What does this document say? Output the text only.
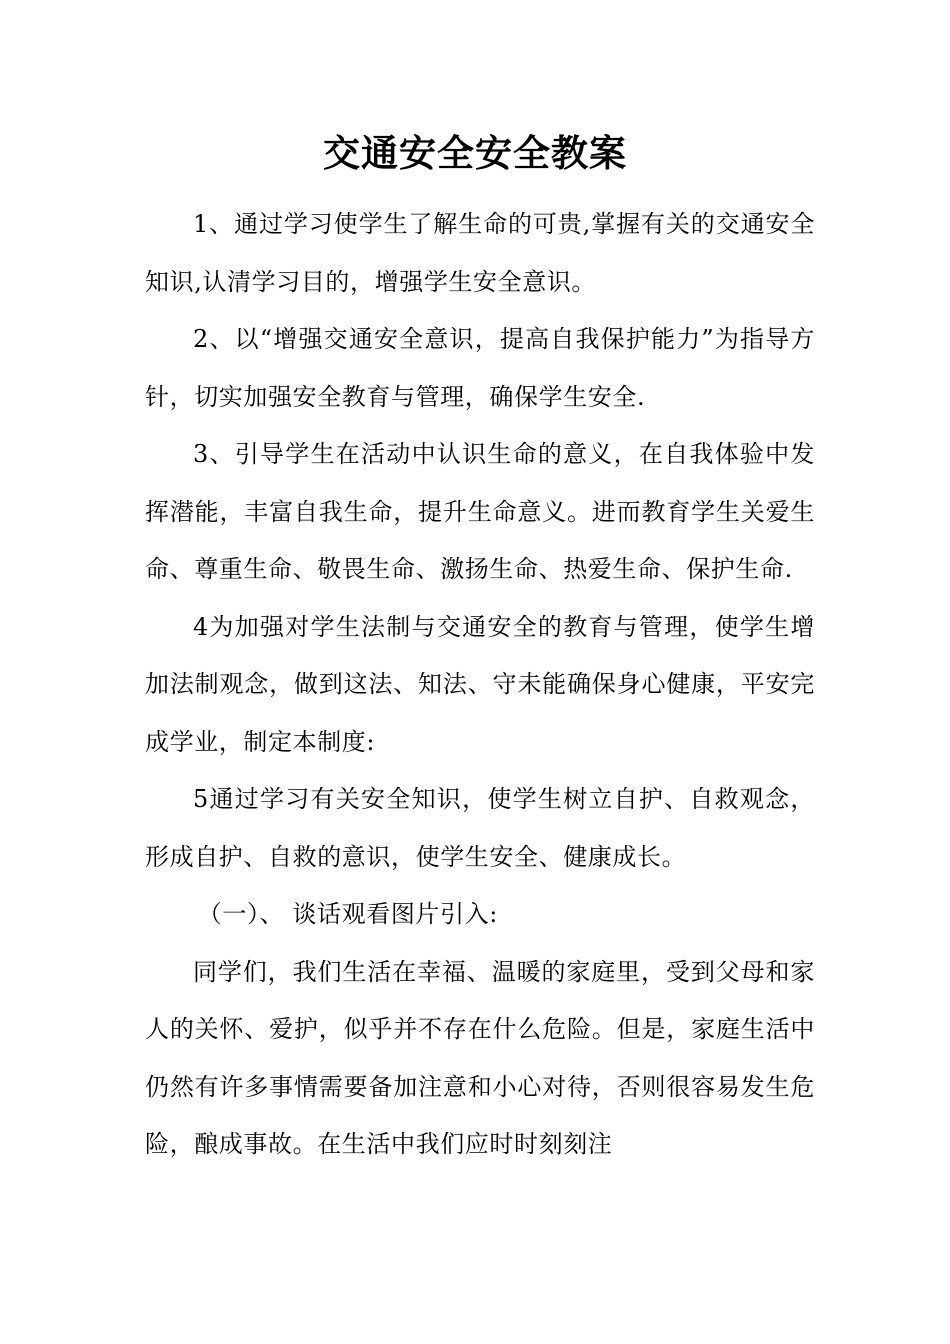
交通安全安全教案

1、通过学习使学生了解生命的可贵,掌握有关的交通安全知识,认清学习目的，增强学生安全意识。

2、以“增强交通安全意识，提高自我保护能力”为指导方针，切实加强安全教育与管理，确保学生安全.

3、引导学生在活动中认识生命的意义，在自我体验中发挥潜能，丰富自我生命，提升生命意义。进而教育学生关爱生命、尊重生命、敬畏生命、激扬生命、热爱生命、保护生命.

4为加强对学生法制与交通安全的教育与管理，使学生增加法制观念，做到这法、知法、守未能确保身心健康，平安完成学业，制定本制度:

5通过学习有关安全知识，使学生树立自护、自救观念，形成自护、自救的意识，使学生安全、健康成长。

（一）、 谈话观看图片引入:

同学们，我们生活在幸福、温暖的家庭里，受到父母和家人的关怀、爱护，似乎并不存在什么危险。但是，家庭生活中仍然有许多事情需要备加注意和小心对待，否则很容易发生危险，酿成事故。在生活中我们应时时刻刻注
